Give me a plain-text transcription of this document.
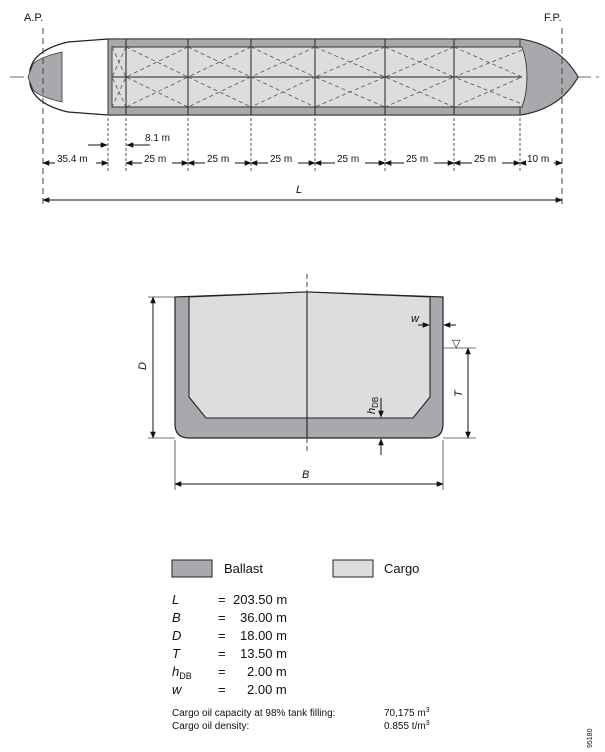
A.P.	F.P.
8.1 m
35.4 m	25 m	25 m	25 m	25 m	25 m	25 m	10 m
L
D
T
▽
w
$h_{DB}$
B
Ballast	Cargo
L	= 203.50 m
B	= 36.00 m
D	= 18.00 m
T	= 13.50 m
$h_{DB} = 2.00$ m
w	= 2.00 m
Cargo oil capacity at 98% tank filling:	70,175 $m^3$
Cargo oil density:	0.855 $t/m^3$
95180
